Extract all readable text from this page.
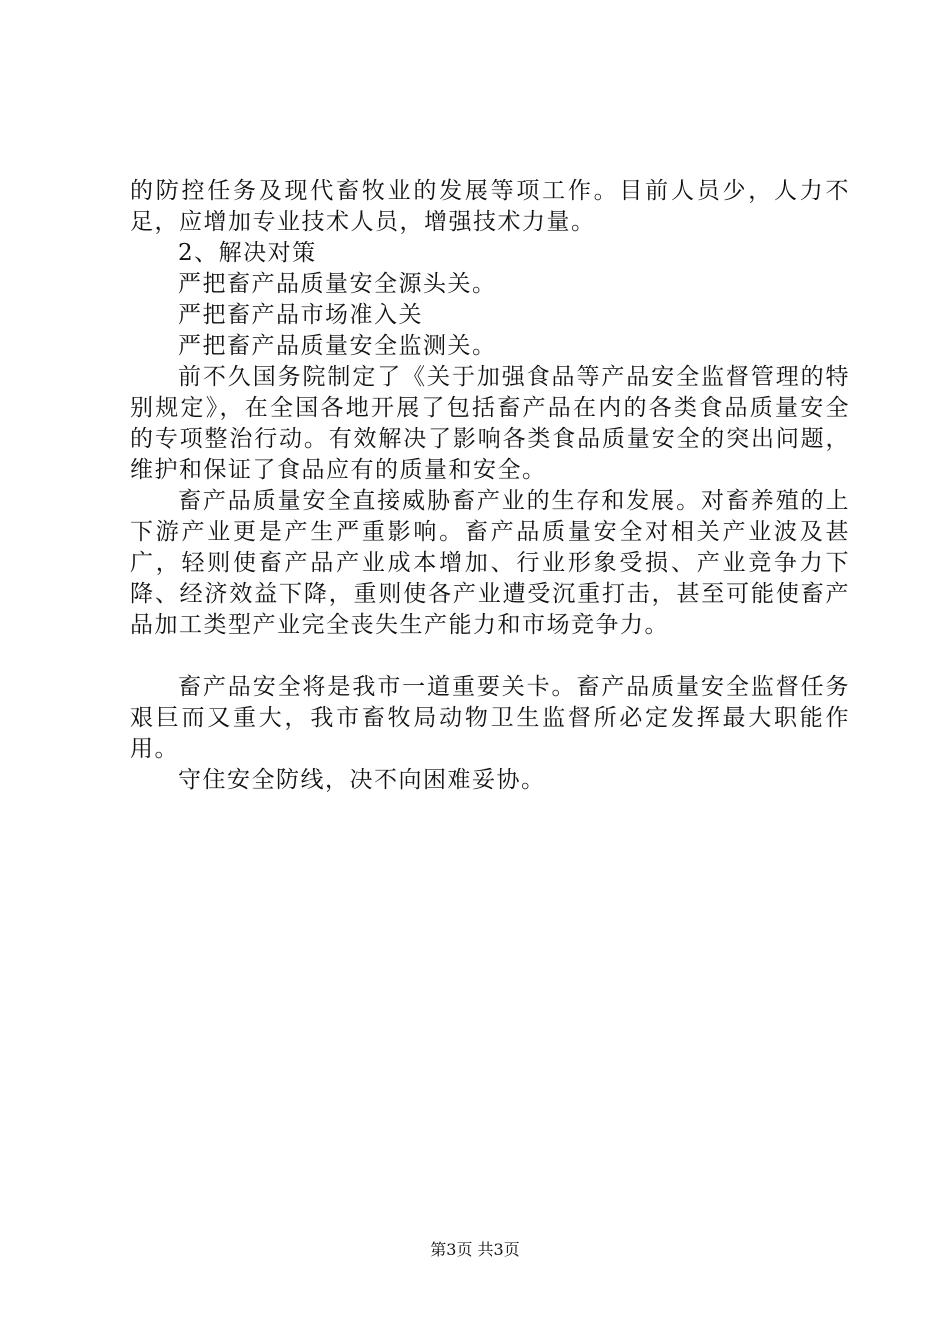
的防控任务及现代畜牧业的发展等项工作。目前人员少，人力不足，应增加专业技术人员，增强技术力量。

2、解决对策

严把畜产品质量安全源头关。

严把畜产品市场准入关

严把畜产品质量安全监测关。

前不久国务院制定了《关于加强食品等产品安全监督管理的特别规定》，在全国各地开展了包括畜产品在内的各类食品质量安全的专项整治行动。有效解决了影响各类食品质量安全的突出问题，维护和保证了食品应有的质量和安全。

畜产品质量安全直接威胁畜产业的生存和发展。对畜养殖的上下游产业更是产生严重影响。畜产品质量安全对相关产业波及甚广，轻则使畜产品产业成本增加、行业形象受损、产业竞争力下降、经济效益下降，重则使各产业遭受沉重打击，甚至可能使畜产品加工类型产业完全丧失生产能力和市场竞争力。

畜产品安全将是我市一道重要关卡。畜产品质量安全监督任务艰巨而又重大，我市畜牧局动物卫生监督所必定发挥最大职能作用。

守住安全防线，决不向困难妥协。

第3页 共3页
